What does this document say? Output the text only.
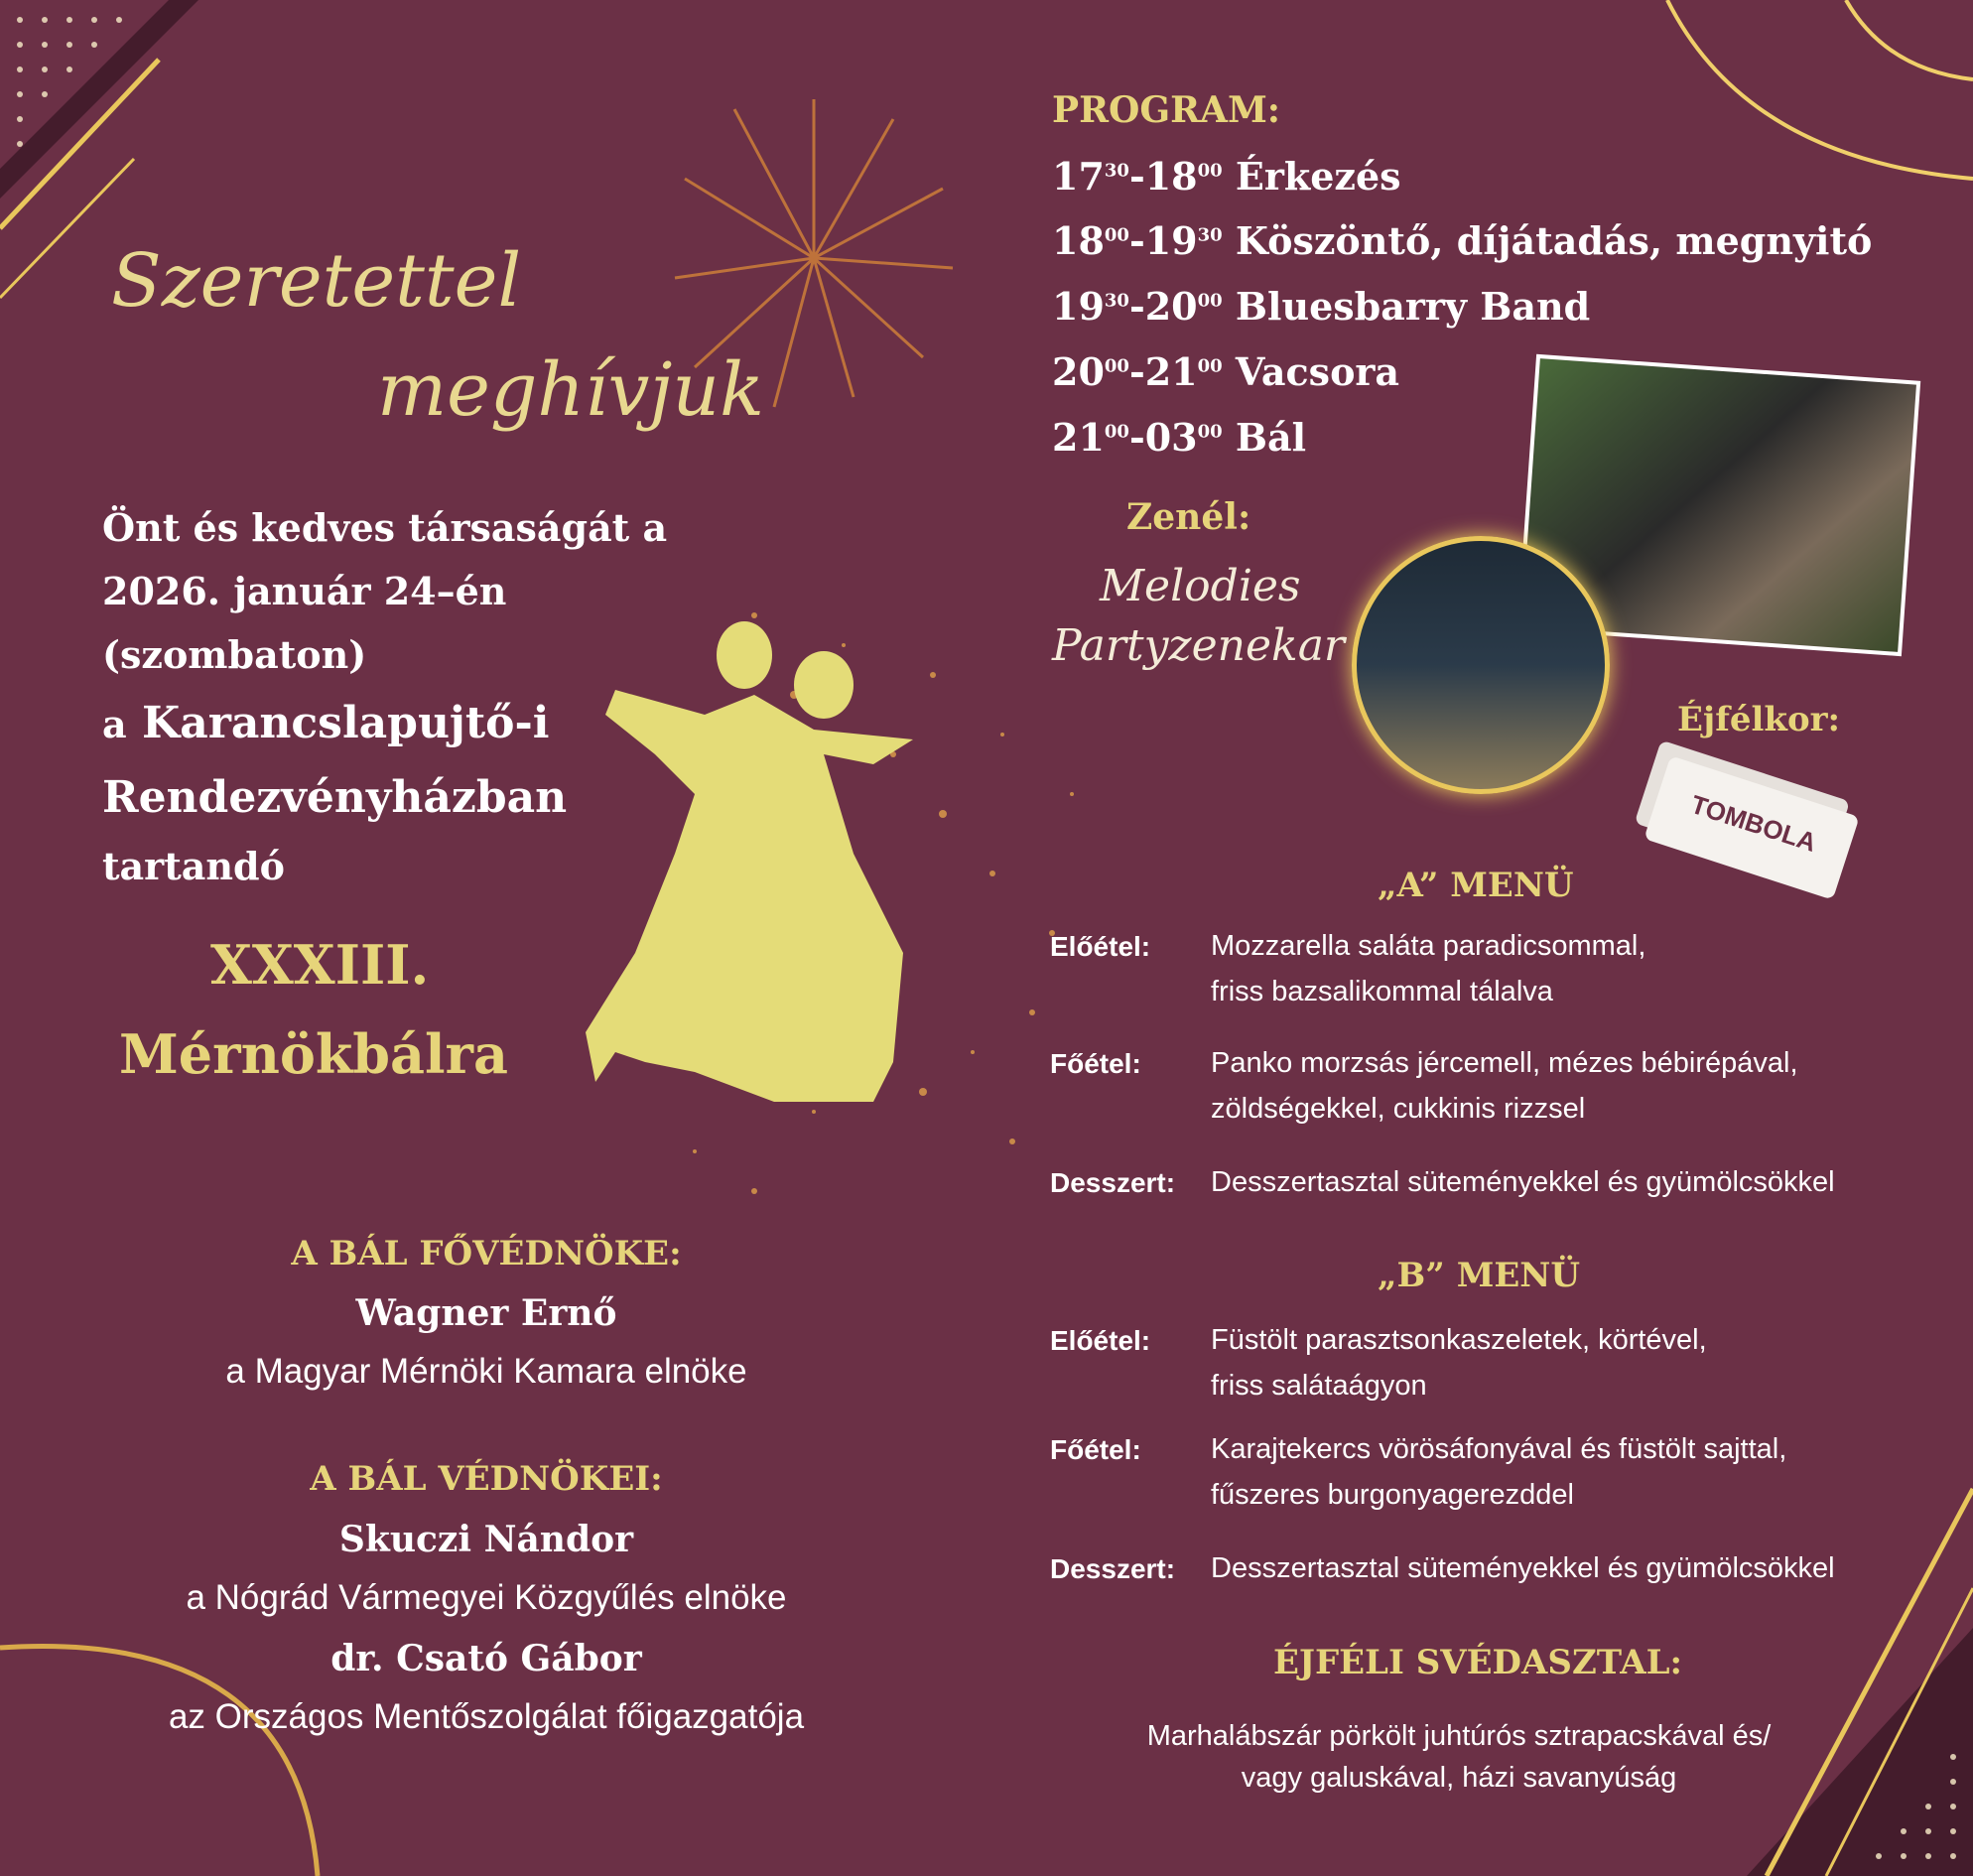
Szeretettel
meghívjuk
Önt és kedves társaságát a
2026. január 24–én
(szombaton)
a Karancslapujtő-i
Rendezvényházban
tartandó
XXXIII.
Mérnökbálra
A BÁL FŐVÉDNÖKE:
Wagner Ernő
a Magyar Mérnöki Kamara elnöke
A BÁL VÉDNÖKEI:
Skuczi Nándor
a Nógrád Vármegyei Közgyűlés elnöke
dr. Csató Gábor
az Országos Mentőszolgálat főigazgatója
PROGRAM:
$17^{30}-18^{00}$ Érkezés
$18^{00}-19^{30}$ Köszöntő, díjátadás, megnyitó
$19^{30}-20^{00}$ Bluesbarry Band
$20^{00}-21^{00}$ Vacsora
$21^{00}-03^{00}$ Bál
Zenél:
Melodies
Partyzenekar
Éjfélkor:
TOMBOLA
„A” MENÜ
Előétel: Mozzarella saláta paradicsommal,
friss bazsalikommal tálalva
Főétel: Panko morzsás jércemell, mézes bébirépával,
zöldségekkel, cukkinis rizzsel
Desszert: Desszertasztal süteményekkel és gyümölcsökkel
„B” MENÜ
Előétel: Füstölt parasztsonkaszeletek, körtével,
friss salátaágyon
Főétel: Karajtekercs vörösáfonyával és füstölt sajttal,
fűszeres burgonyagerezddel
Desszert: Desszertasztal süteményekkel és gyümölcsökkel
ÉJFÉLI SVÉDASZTAL:
Marhalábszár pörkölt juhtúrós sztrapacskával és/
vagy galuskával, házi savanyúság
